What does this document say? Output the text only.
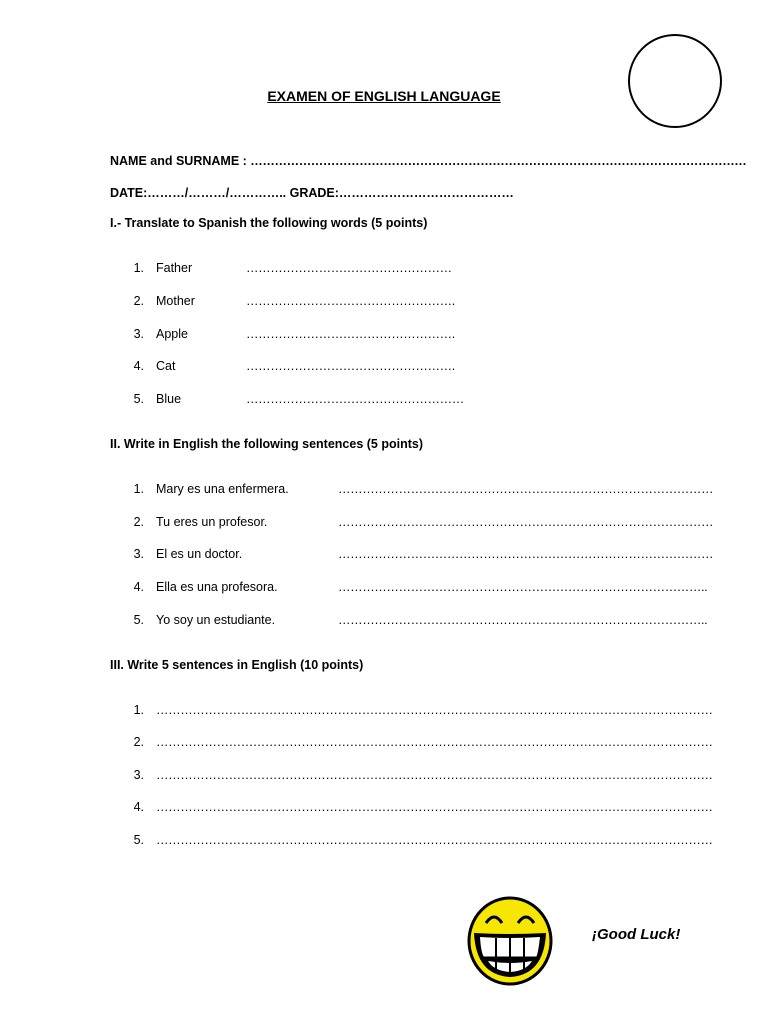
EXAMEN OF ENGLISH LANGUAGE
NAME and SURNAME : ……………………………………………………………………………………………………………
DATE:………/………/………….. GRADE:……………………………………
I.- Translate to Spanish the following words (5 points)
1. Father	……………………………………………
2. Mother	…………………………………………….
3. Apple	…………………………………………….
4. Cat	…………………………………………….
5. Blue	………………………………………………
II. Write in English the following sentences (5 points)
1. Mary es una enfermera.	…………………………………………………………………………………
2. Tu eres un profesor.	…………………………………………………………………………………
3. El es un doctor.	…………………………………………………………………………………
4. Ella es una profesora.	………………………………………………………………………………..
5. Yo soy un estudiante.	………………………………………………………………………………..
III. Write 5 sentences in English (10 points)
1. …………………………………………………………………………………………………………………………
2. …………………………………………………………………………………………………………………………
3. …………………………………………………………………………………………………………………………
4. …………………………………………………………………………………………………………………………
5. …………………………………………………………………………………………………………………………
¡Good Luck!
